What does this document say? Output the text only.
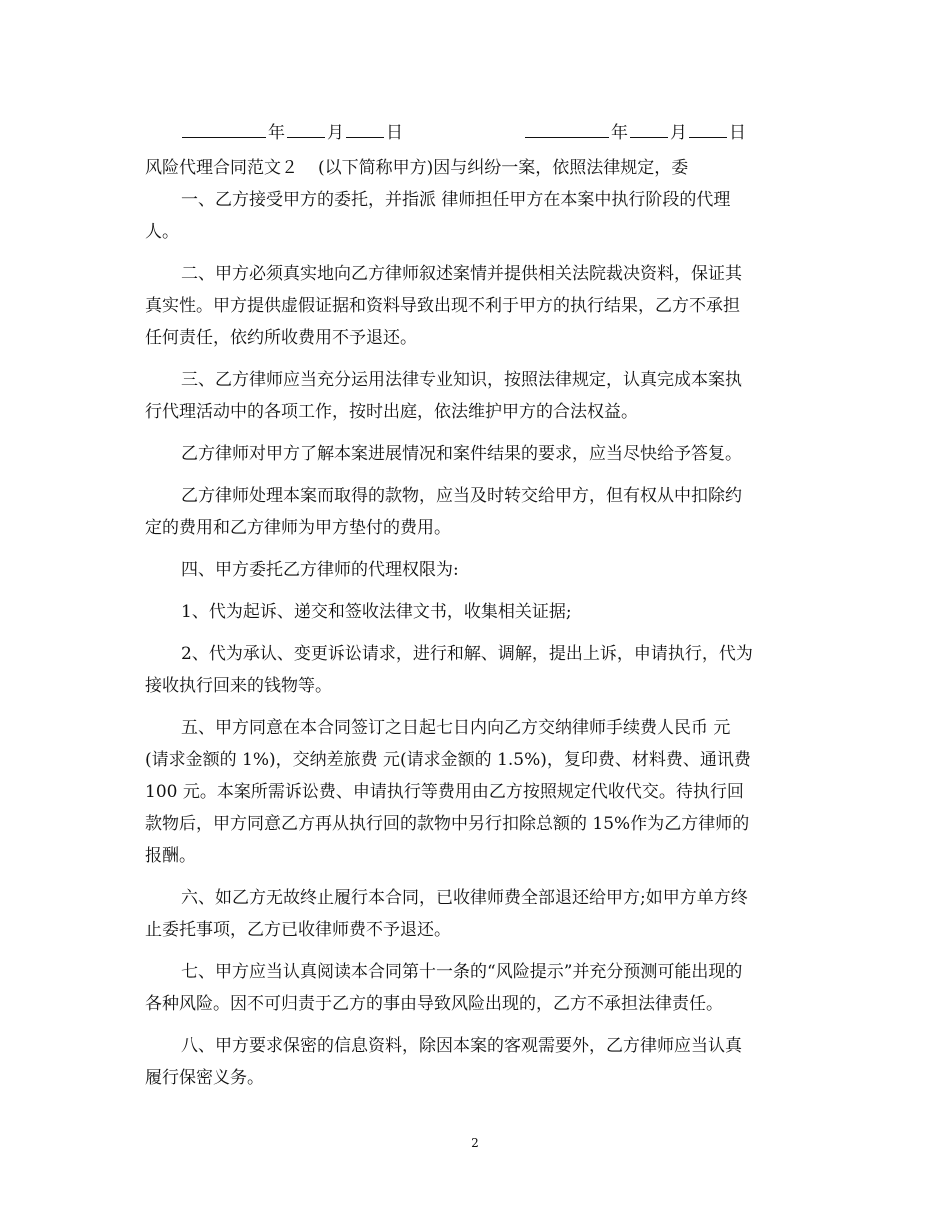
年 月 日	年 月 日
风险代理合同范文２ (以下简称甲方)因与纠纷一案，依照法律规定，委
一、乙方接受甲方的委托，并指派 律师担任甲方在本案中执行阶段的代理
人。
二、甲方必须真实地向乙方律师叙述案情并提供相关法院裁决资料，保证其
真实性。甲方提供虚假证据和资料导致出现不利于甲方的执行结果，乙方不承担
任何责任，依约所收费用不予退还。
三、乙方律师应当充分运用法律专业知识，按照法律规定，认真完成本案执
行代理活动中的各项工作，按时出庭，依法维护甲方的合法权益。
乙方律师对甲方了解本案进展情况和案件结果的要求，应当尽快给予答复。
乙方律师处理本案而取得的款物，应当及时转交给甲方，但有权从中扣除约
定的费用和乙方律师为甲方垫付的费用。
四、甲方委托乙方律师的代理权限为:
1、代为起诉、递交和签收法律文书，收集相关证据;
2、代为承认、变更诉讼请求，进行和解、调解，提出上诉，申请执行，代为
接收执行回来的钱物等。
五、甲方同意在本合同签订之日起七日内向乙方交纳律师手续费人民币 元
(请求金额的 1%)，交纳差旅费 元(请求金额的 1.5%)，复印费、材料费、通讯费
100 元。本案所需诉讼费、申请执行等费用由乙方按照规定代收代交。待执行回
款物后，甲方同意乙方再从执行回的款物中另行扣除总额的 15%作为乙方律师的
报酬。
六、如乙方无故终止履行本合同，已收律师费全部退还给甲方;如甲方单方终
止委托事项，乙方已收律师费不予退还。
七、甲方应当认真阅读本合同第十一条的“风险提示”并充分预测可能出现的
各种风险。因不可归责于乙方的事由导致风险出现的，乙方不承担法律责任。
八、甲方要求保密的信息资料，除因本案的客观需要外，乙方律师应当认真
履行保密义务。
2
